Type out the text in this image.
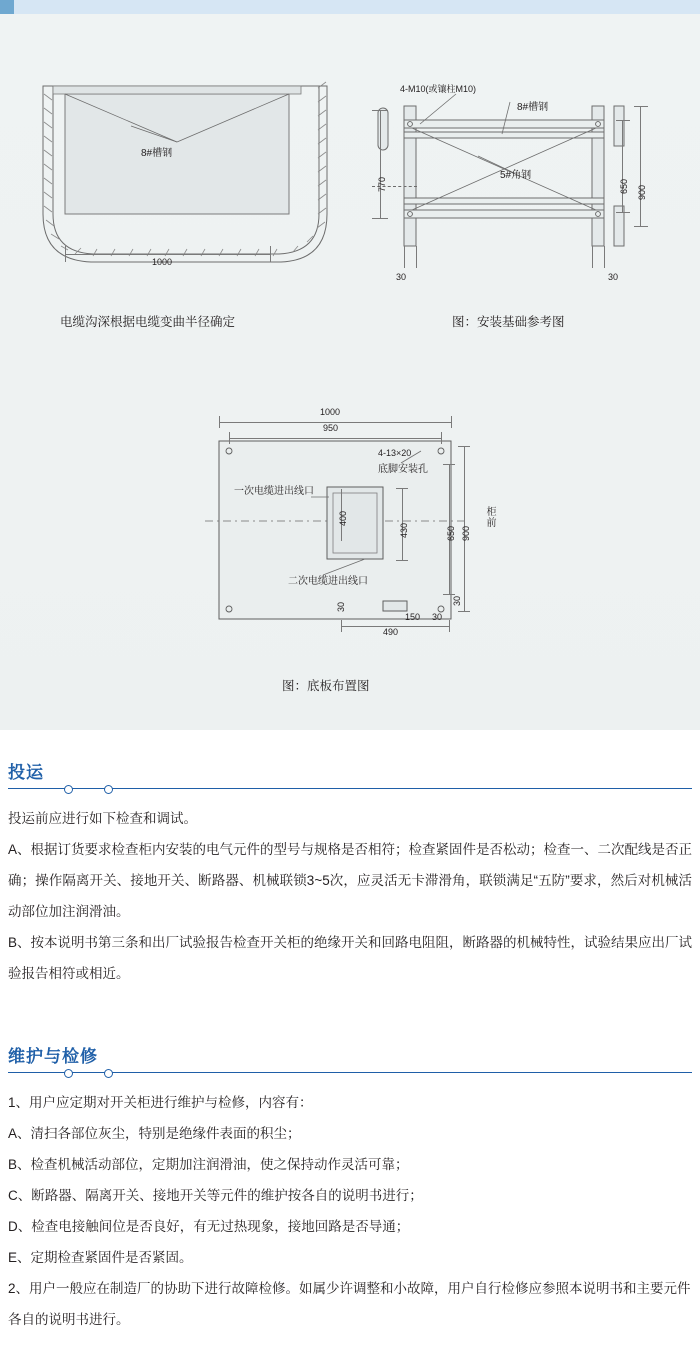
8#槽钢
1000
电缆沟深根据电缆变曲半径确定
4-M10(或镶柱M10)
8#槽钢
5#角钢
770	650 900
30	30
图：安装基础参考图
1000
950
4-13×20
底脚安装孔
一次电缆进出线口
二次电缆进出线口
400
430	650 900
柜前
30
150 30
30
490
图：底板布置图
投运

投运前应进行如下检查和调试。

A、根据订货要求检查柜内安装的电气元件的型号与规格是否相符；检查紧固件是否松动；检查一、二次配线是否正确；操作隔离开关、接地开关、断路器、机械联锁3~5次，应灵活无卡滞滑角，联锁满足“五防”要求，然后对机械活动部位加注润滑油。

B、按本说明书第三条和出厂试验报告检查开关柜的绝缘开关和回路电阻阻，断路器的机械特性，试验结果应出厂试验报告相符或相近。

维护与检修

1、用户应定期对开关柜进行维护与检修，内容有：

A、清扫各部位灰尘，特别是绝缘件表面的积尘；

B、检查机械活动部位，定期加注润滑油，使之保持动作灵活可靠；

C、断路器、隔离开关、接地开关等元件的维护按各自的说明书进行；

D、检查电接触间位是否良好，有无过热现象，接地回路是否导通；

E、定期检查紧固件是否紧固。

2、用户一般应在制造厂的协助下进行故障检修。如属少许调整和小故障，用户自行检修应参照本说明书和主要元件各自的说明书进行。
